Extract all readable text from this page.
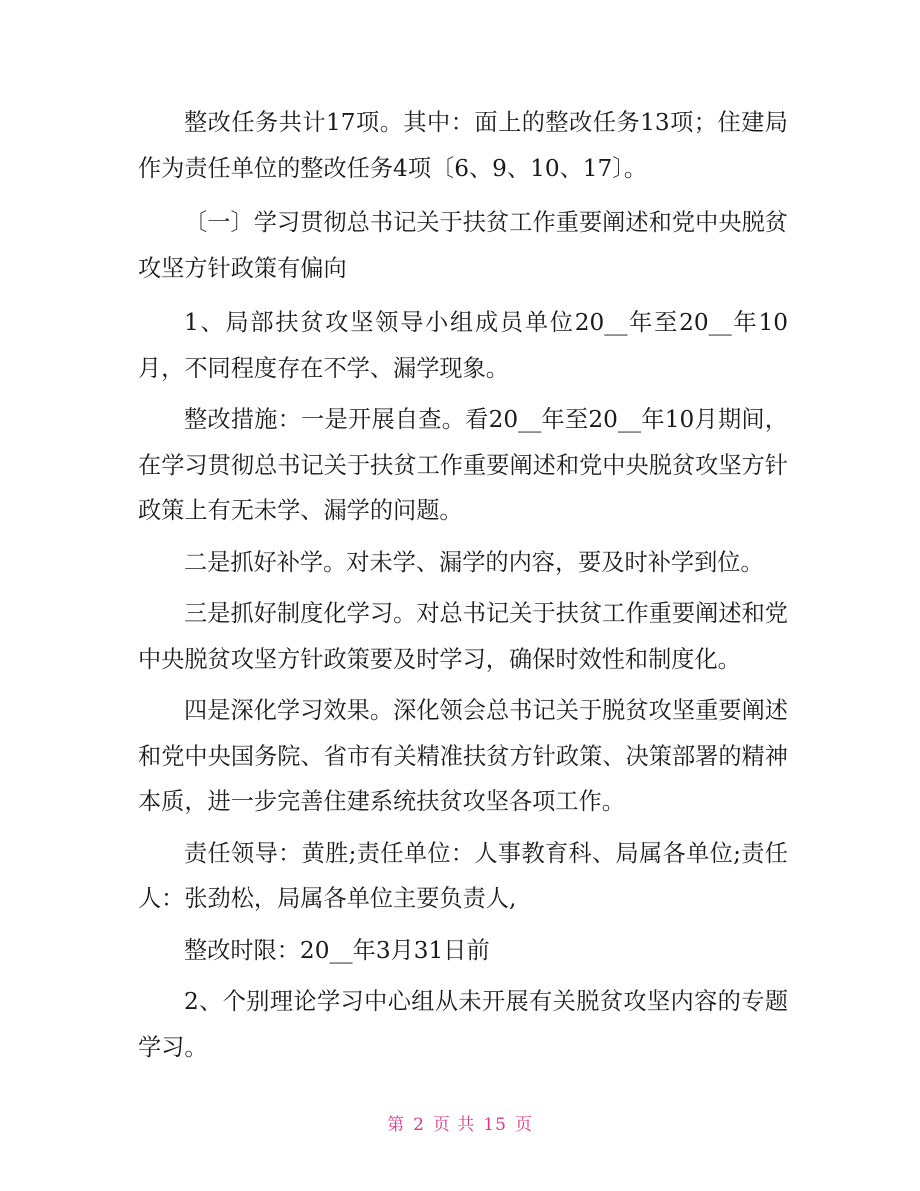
整改任务共计17项。其中：面上的整改任务13项；住建局作为责任单位的整改任务4项〔6、9、10、17〕。

〔一〕学习贯彻总书记关于扶贫工作重要阐述和党中央脱贫攻坚方针政策有偏向

1、局部扶贫攻坚领导小组成员单位20__年至20__年10月，不同程度存在不学、漏学现象。

整改措施：一是开展自查。看20__年至20__年10月期间，在学习贯彻总书记关于扶贫工作重要阐述和党中央脱贫攻坚方针政策上有无未学、漏学的问题。

二是抓好补学。对未学、漏学的内容，要及时补学到位。

三是抓好制度化学习。对总书记关于扶贫工作重要阐述和党中央脱贫攻坚方针政策要及时学习，确保时效性和制度化。

四是深化学习效果。深化领会总书记关于脱贫攻坚重要阐述和党中央国务院、省市有关精准扶贫方针政策、决策部署的精神本质，进一步完善住建系统扶贫攻坚各项工作。

责任领导：黄胜;责任单位：人事教育科、局属各单位;责任人：张劲松，局属各单位主要负责人,

整改时限：20__年3月31日前

2、个别理论学习中心组从未开展有关脱贫攻坚内容的专题学习。

第 2 页 共 15 页
